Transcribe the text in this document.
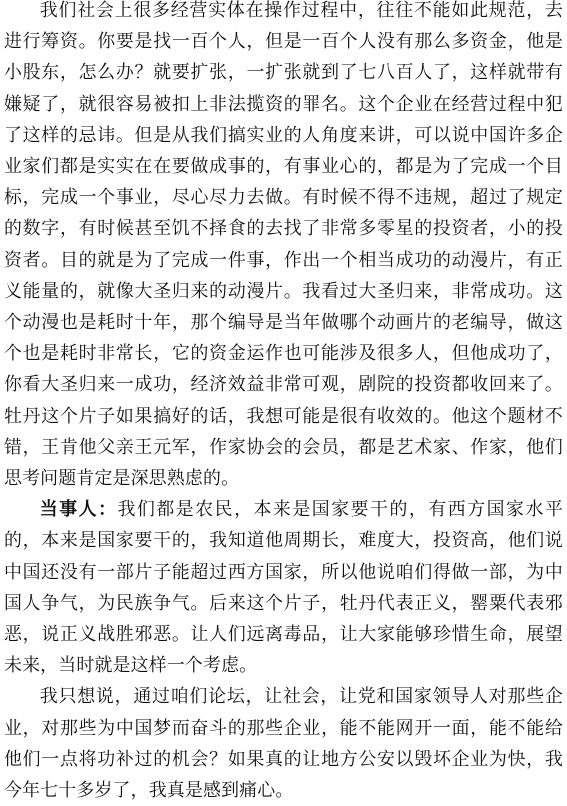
我们社会上很多经营实体在操作过程中，往往不能如此规范，去进行筹资。你要是找一百个人，但是一百个人没有那么多资金，他是小股东，怎么办？就要扩张，一扩张就到了七八百人了，这样就带有嫌疑了，就很容易被扣上非法揽资的罪名。这个企业在经营过程中犯了这样的忌讳。但是从我们搞实业的人角度来讲，可以说中国许多企业家们都是实实在在要做成事的，有事业心的，都是为了完成一个目标，完成一个事业，尽心尽力去做。有时候不得不违规，超过了规定的数字，有时候甚至饥不择食的去找了非常多零星的投资者，小的投资者。目的就是为了完成一件事，作出一个相当成功的动漫片，有正义能量的，就像大圣归来的动漫片。我看过大圣归来，非常成功。这个动漫也是耗时十年，那个编导是当年做哪个动画片的老编导，做这个也是耗时非常长，它的资金运作也可能涉及很多人，但他成功了，你看大圣归来一成功，经济效益非常可观，剧院的投资都收回来了。牡丹这个片子如果搞好的话，我想可能是很有收效的。他这个题材不错，王肯他父亲王元军，作家协会的会员，都是艺术家、作家，他们思考问题肯定是深思熟虑的。

当事人：我们都是农民，本来是国家要干的，有西方国家水平的，本来是国家要干的，我知道他周期长，难度大，投资高，他们说中国还没有一部片子能超过西方国家，所以他说咱们得做一部，为中国人争气，为民族争气。后来这个片子，牡丹代表正义，罂粟代表邪恶，说正义战胜邪恶。让人们远离毒品，让大家能够珍惜生命，展望未来，当时就是这样一个考虑。

我只想说，通过咱们论坛，让社会，让党和国家领导人对那些企业，对那些为中国梦而奋斗的那些企业，能不能网开一面，能不能给他们一点将功补过的机会？如果真的让地方公安以毁坏企业为快，我今年七十多岁了，我真是感到痛心。
